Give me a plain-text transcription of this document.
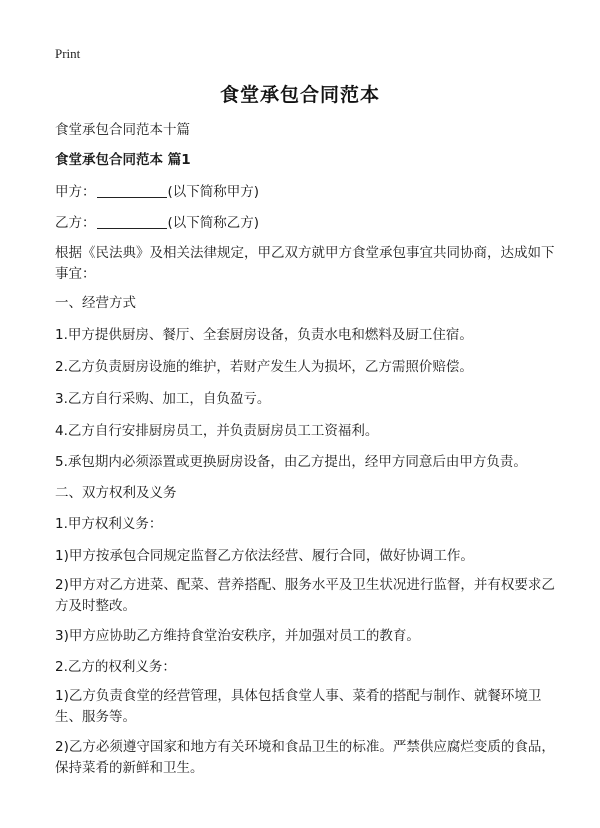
Print
食堂承包合同范本
食堂承包合同范本十篇
食堂承包合同范本 篇1
甲方：	(以下简称甲方)
乙方：	(以下简称乙方)
根据《民法典》及相关法律规定，甲乙双方就甲方食堂承包事宜共同协商，达成如下事宜：
一、经营方式
1.甲方提供厨房、餐厅、全套厨房设备，负责水电和燃料及厨工住宿。
2.乙方负责厨房设施的维护，若财产发生人为损坏，乙方需照价赔偿。
3.乙方自行采购、加工，自负盈亏。
4.乙方自行安排厨房员工，并负责厨房员工工资福利。
5.承包期内必须添置或更换厨房设备，由乙方提出，经甲方同意后由甲方负责。
二、双方权利及义务
1.甲方权利义务：
1)甲方按承包合同规定监督乙方依法经营、履行合同，做好协调工作。
2)甲方对乙方进菜、配菜、营养搭配、服务水平及卫生状况进行监督，并有权要求乙方及时整改。
3)甲方应协助乙方维持食堂治安秩序，并加强对员工的教育。
2.乙方的权利义务：
1)乙方负责食堂的经营管理，具体包括食堂人事、菜肴的搭配与制作、就餐环境卫生、服务等。
2)乙方必须遵守国家和地方有关环境和食品卫生的标准。严禁供应腐烂变质的食品，保持菜肴的新鲜和卫生。
